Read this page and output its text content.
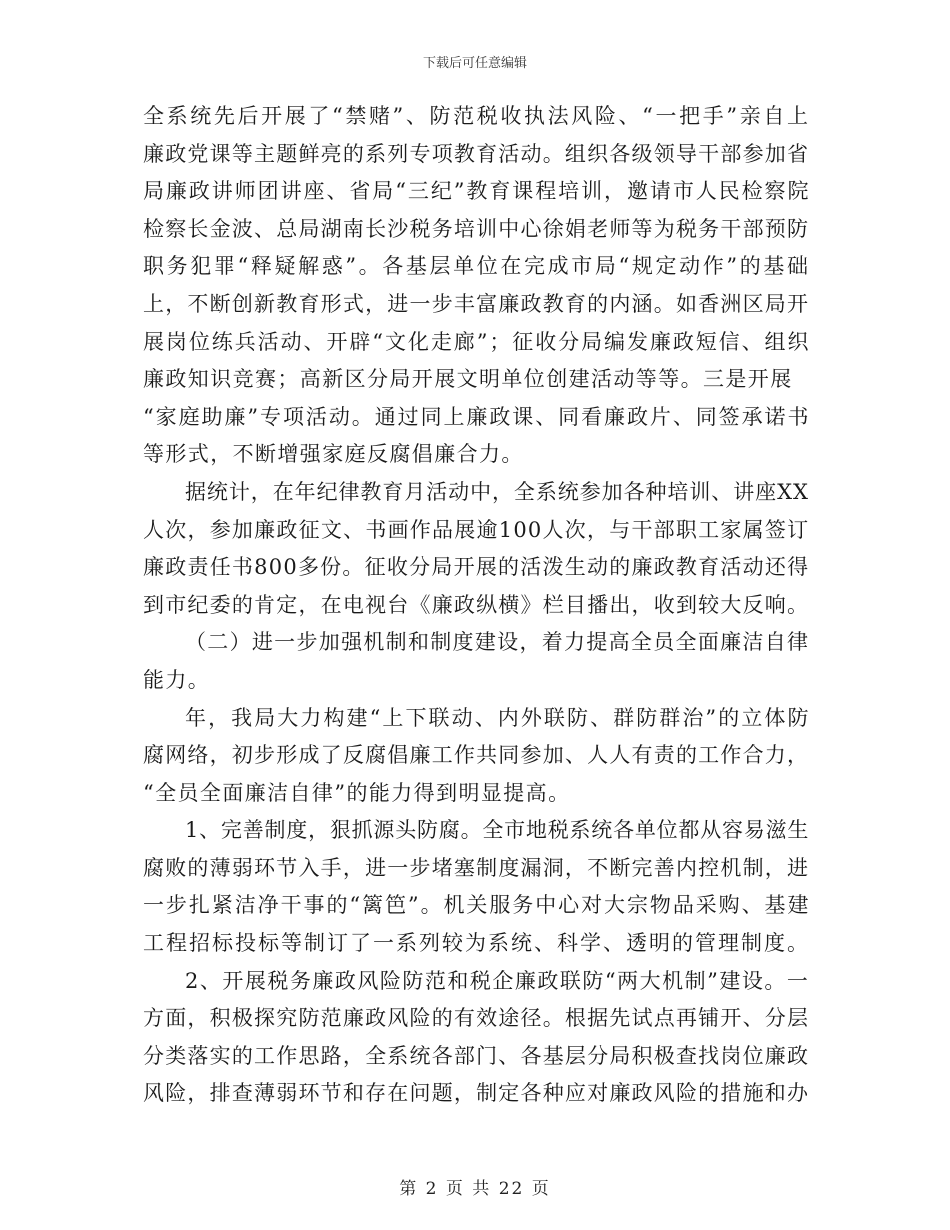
下载后可任意编辑
全系统先后开展了“禁赌”、防范税收执法风险、“一把手”亲自上
廉政党课等主题鲜亮的系列专项教育活动。组织各级领导干部参加省
局廉政讲师团讲座、省局“三纪”教育课程培训，邀请市人民检察院
检察长金波、总局湖南长沙税务培训中心徐娟老师等为税务干部预防
职务犯罪“释疑解惑”。各基层单位在完成市局“规定动作”的基础
上，不断创新教育形式，进一步丰富廉政教育的内涵。如香洲区局开
展岗位练兵活动、开辟“文化走廊”；征收分局编发廉政短信、组织
廉政知识竞赛；高新区分局开展文明单位创建活动等等。三是开展
“家庭助廉”专项活动。通过同上廉政课、同看廉政片、同签承诺书
等形式，不断增强家庭反腐倡廉合力。
据统计，在年纪律教育月活动中，全系统参加各种培训、讲座XX
人次，参加廉政征文、书画作品展逾100人次，与干部职工家属签订
廉政责任书800多份。征收分局开展的活泼生动的廉政教育活动还得
到市纪委的肯定，在电视台《廉政纵横》栏目播出，收到较大反响。
（二）进一步加强机制和制度建设，着力提高全员全面廉洁自律
能力。
年，我局大力构建“上下联动、内外联防、群防群治”的立体防
腐网络，初步形成了反腐倡廉工作共同参加、人人有责的工作合力，
“全员全面廉洁自律”的能力得到明显提高。
1、完善制度，狠抓源头防腐。全市地税系统各单位都从容易滋生
腐败的薄弱环节入手，进一步堵塞制度漏洞，不断完善内控机制，进
一步扎紧洁净干事的“篱笆”。机关服务中心对大宗物品采购、基建
工程招标投标等制订了一系列较为系统、科学、透明的管理制度。
2、开展税务廉政风险防范和税企廉政联防“两大机制”建设。一
方面，积极探究防范廉政风险的有效途径。根据先试点再铺开、分层
分类落实的工作思路，全系统各部门、各基层分局积极查找岗位廉政
风险，排查薄弱环节和存在问题，制定各种应对廉政风险的措施和办
第 2 页 共 22 页
